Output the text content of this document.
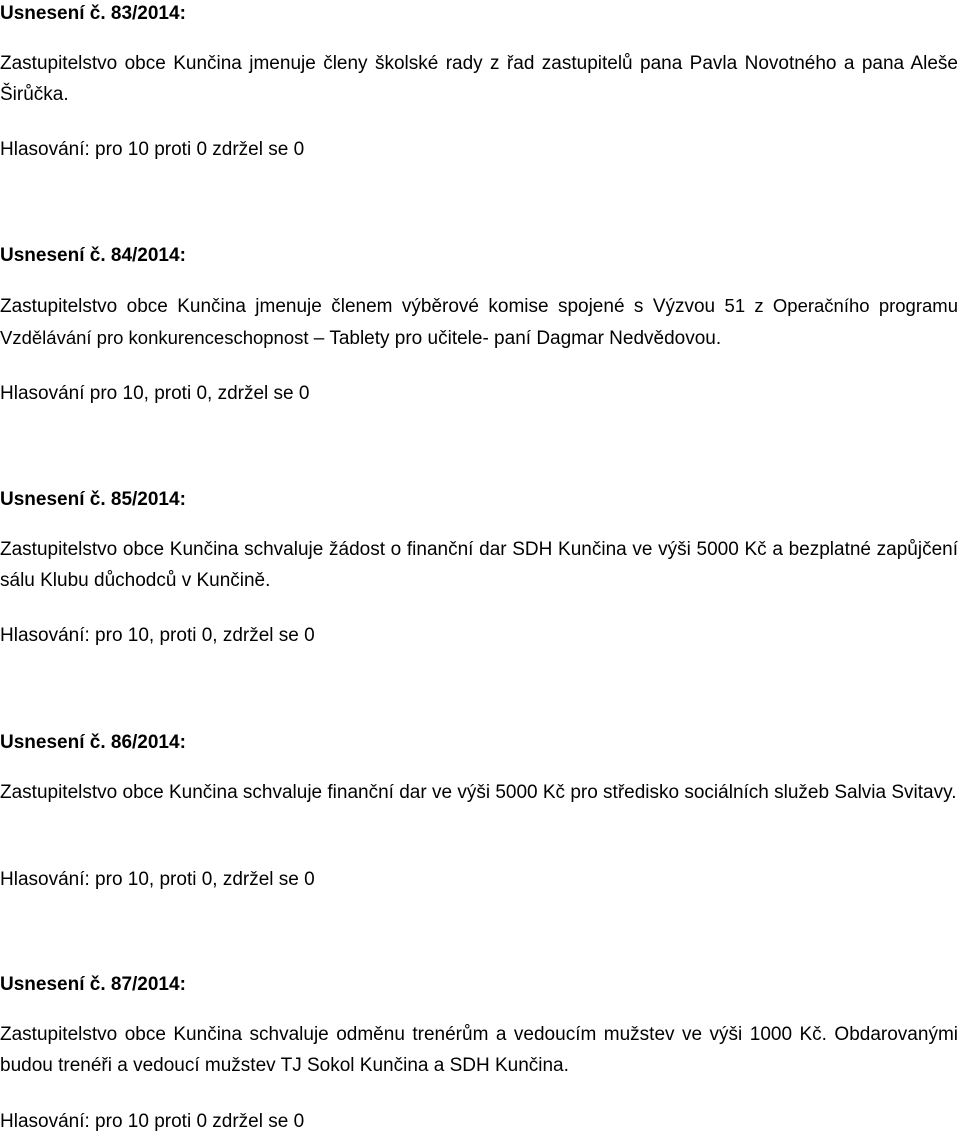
Usnesení č. 83/2014:

Zastupitelstvo obce Kunčina jmenuje členy školské rady z řad zastupitelů pana Pavla Novotného a pana Aleše Širůčka.

Hlasování: pro 10 proti 0 zdržel se 0

Usnesení č. 84/2014:

Zastupitelstvo obce Kunčina jmenuje členem výběrové komise spojené s Výzvou 51 z Operačního programu Vzdělávání pro konkurenceschopnost – Tablety pro učitele- paní Dagmar Nedvědovou.

Hlasování pro 10, proti 0, zdržel se 0

Usnesení č. 85/2014:

Zastupitelstvo obce Kunčina schvaluje žádost o finanční dar SDH Kunčina ve výši 5000 Kč a bezplatné zapůjčení sálu Klubu důchodců v Kunčině.

Hlasování: pro 10, proti 0, zdržel se 0

Usnesení č. 86/2014:

Zastupitelstvo obce Kunčina schvaluje finanční dar ve výši 5000 Kč pro středisko sociálních služeb Salvia Svitavy.

Hlasování: pro 10, proti 0, zdržel se 0

Usnesení č. 87/2014:

Zastupitelstvo obce Kunčina schvaluje odměnu trenérům a vedoucím mužstev ve výši 1000 Kč. Obdarovanými budou trenéři a vedoucí mužstev TJ Sokol Kunčina a SDH Kunčina.

Hlasování: pro 10 proti 0 zdržel se 0
